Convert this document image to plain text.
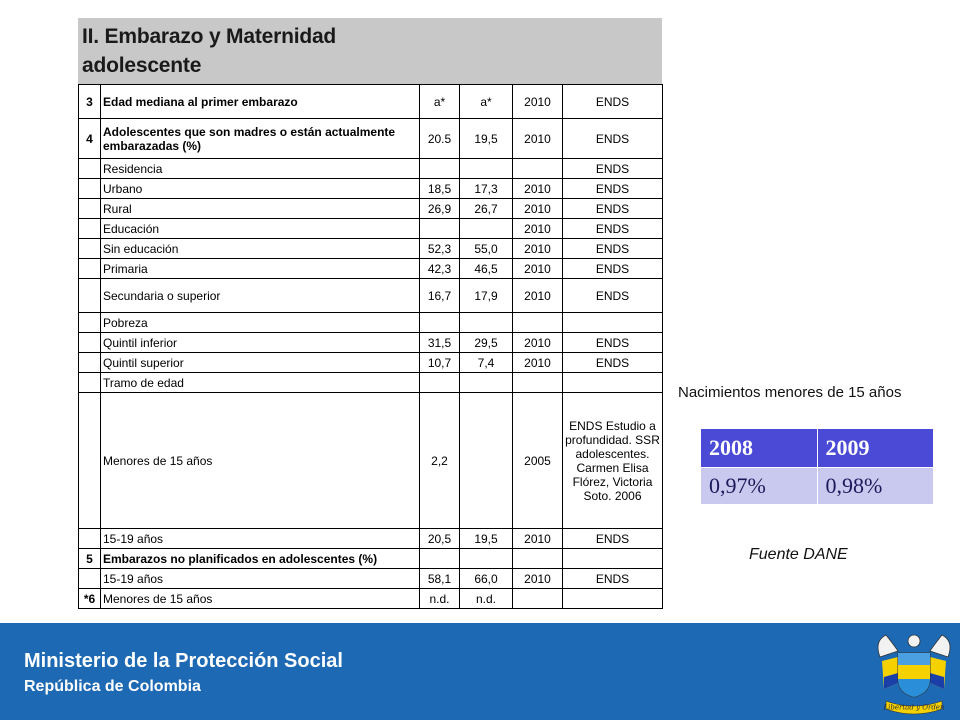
II. Embarazo y Maternidad
adolescente
3	Edad mediana al primer embarazo	a*	a*	2010	ENDS
4	Adolescentes que son madres o están actualmente embarazadas (%)	20.5	19,5	2010	ENDS
	Residencia				ENDS
	Urbano	18,5	17,3	2010	ENDS
	Rural	26,9	26,7	2010	ENDS
	Educación			2010	ENDS
	Sin educación	52,3	55,0	2010	ENDS
	Primaria	42,3	46,5	2010	ENDS
	Secundaria o superior	16,7	17,9	2010	ENDS
	Pobreza				
	Quintil inferior	31,5	29,5	2010	ENDS
	Quintil superior	10,7	7,4	2010	ENDS
	Tramo de edad				
	Menores de 15 años	2,2		2005	ENDS Estudio a profundidad. SSR adolescentes. Carmen Elisa Flórez, Victoria Soto. 2006
	15-19 años	20,5	19,5	2010	ENDS
5	Embarazos no planificados en adolescentes (%)				
	15-19 años	58,1	66,0	2010	ENDS
*6	Menores de 15 años	n.d.	n.d.		
Nacimientos menores de 15 años
2008	2009
0,97%	0,98%
Fuente DANE
Ministerio de la Protección Social
República de Colombia
Libertad y Orden
